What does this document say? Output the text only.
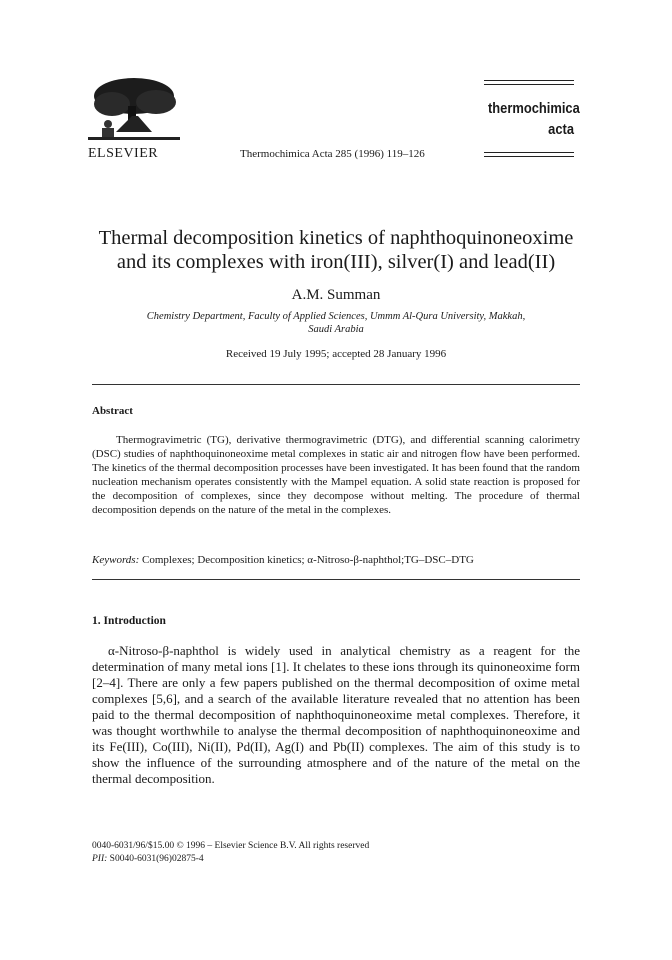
ELSEVIER	Thermochimica Acta 285 (1996) 119–126
thermochimica
acta
Thermal decomposition kinetics of naphthoquinoneoxime
and its complexes with iron(III), silver(I) and lead(II)
A.M. Summan
Chemistry Department, Faculty of Applied Sciences, Ummm Al-Qura University, Makkah,
Saudi Arabia
Received 19 July 1995; accepted 28 January 1996
Abstract

Thermogravimetric (TG), derivative thermogravimetric (DTG), and differential scanning calorimetry (DSC) studies of naphthoquinoneoxime metal complexes in static air and nitrogen flow have been performed. The kinetics of the thermal decomposition processes have been investigated. It has been found that the random nucleation mechanism operates consistently with the Mampel equation. A solid state reaction is proposed for the decomposition of complexes, since they decompose without melting. The procedure of thermal decomposition depends on the nature of the metal in the complexes.

Keywords: Complexes; Decomposition kinetics; α-Nitroso-β-naphthol;TG–DSC–DTG
1. Introduction

α-Nitroso-β-naphthol is widely used in analytical chemistry as a reagent for the determination of many metal ions [1]. It chelates to these ions through its quinoneoxime form [2–4]. There are only a few papers published on the thermal decomposition of oxime metal complexes [5,6], and a search of the available literature revealed that no attention has been paid to the thermal decomposition of naphthoquinoneoxime metal complexes. Therefore, it was thought worthwhile to analyse the thermal decomposition of naphthoquinoneoxime and its Fe(III), Co(III), Ni(II), Pd(II), Ag(I) and Pb(II) complexes. The aim of this study is to show the influence of the surrounding atmosphere and of the nature of the metal on the thermal decomposition.

0040-6031/96/$15.00 © 1996 – Elsevier Science B.V. All rights reserved
PII: S0040-6031(96)02875-4
